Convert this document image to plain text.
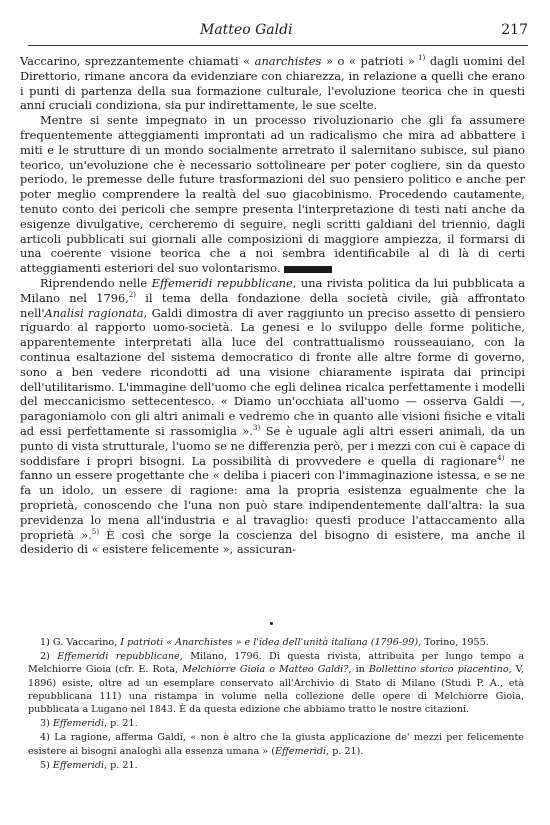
Matteo Galdi	217

Vaccarino, sprezzantemente chiamati « anarchistes » o « patrioti » $^{1)}$ dagli uomini del Direttorio, rimane ancora da evidenziare con chiarezza, in relazione a quelli che erano i punti di partenza della sua formazione culturale, l'evoluzione teorica che in questi anni cruciali condiziona, sia pur indirettamente, le sue scelte.

Mentre si sente impegnato in un processo rivoluzionario che gli fa assumere frequentemente atteggiamenti improntati ad un radicalismo che mira ad abbattere i miti e le strutture di un mondo socialmente arretrato il salernitano subisce, sul piano teorico, un'evoluzione che è necessario sottolineare per poter cogliere, sin da questo periodo, le premesse delle future trasformazioni del suo pensiero politico e anche per poter meglio comprendere la realtà del suo giacobinismo. Procedendo cautamente, tenuto conto dei pericoli che sempre presenta l'interpretazione di testi nati anche da esigenze divulgative, cercheremo di seguire, negli scritti galdiani del triennio, dagli articoli pubblicati sui giornali alle composizioni di maggiore ampiezza, il formarsi di una coerente visione teorica che a noi sembra identificabile al di là di certi atteggiamenti esteriori del suo volontarismo.

Riprendendo nelle Effemeridi repubblicane, una rivista politica da lui pubblicata a Milano nel 1796,$^{2)}$ il tema della fondazione della società civile, già affrontato nell'Analisi ragionata, Galdi dimostra di aver raggiunto un preciso assetto di pensiero riguardo al rapporto uomo-società. La genesi e lo sviluppo delle forme politiche, apparentemente interpretati alla luce del contrattualismo rousseauiano, con la continua esaltazione del sistema democratico di fronte alle altre forme di governo, sono a ben vedere ricondotti ad una visione chiaramente ispirata dai principi dell'utilitarismo. L'immagine dell'uomo che egli delinea ricalca perfettamente i modelli del meccanicismo settecentesco. « Diamo un'occhiata all'uomo — osserva Galdi —, paragoniamolo con gli altri animali e vedremo che in quanto alle visioni fisiche e vitali ad essi perfettamente si rassomiglia ».$^{3)}$ Se è uguale agli altri esseri animali, da un punto di vista strutturale, l'uomo se ne differenzia però, per i mezzi con cui è capace di soddisfare i propri bisogni. La possibilità di provvedere e quella di ragionare$^{4)}$ ne fanno un essere progettante che « deliba i piaceri con l'immaginazione istessa, e se ne fa un idolo, un essere di ragione: ama la propria esistenza egualmente che la proprietà, conoscendo che l'una non può stare indipendentemente dall'altra: la sua previdenza lo mena all'industria e al travaglio: questi produce l'attaccamento alla proprietà ».$^{5)}$ È così che sorge la coscienza del bisogno di esistere, ma anche il desiderio di « esistere felicemente », assicuran-

1) G. Vaccarino, I patrioti « Anarchistes » e l'idea dell'unità italiana (1796-99), Torino, 1955.

2) Effemeridi repubblicane, Milano, 1796. Di questa rivista, attribuita per lungo tempo a Melchiorre Gioia (cfr. E. Rota, Melchiorre Gioia o Matteo Galdi?, in Bollettino storico piacentino, V, 1896) esiste, oltre ad un esemplare conservato all'Archivio di Stato di Milano (Studi P. A., età repubblicana 111) una ristampa in volume nella collezione delle opere di Melchiorre Gioia, pubblicata a Lugano nel 1843. È da questa edizione che abbiamo tratto le nostre citazioni.

3) Effemeridi, p. 21.

4) La ragione, afferma Galdi, « non è altro che la giusta applicazione de' mezzi per felicemente esistere ai bisogni analoghi alla essenza umana » (Effemeridi, p. 21).

5) Effemeridi, p. 21.
